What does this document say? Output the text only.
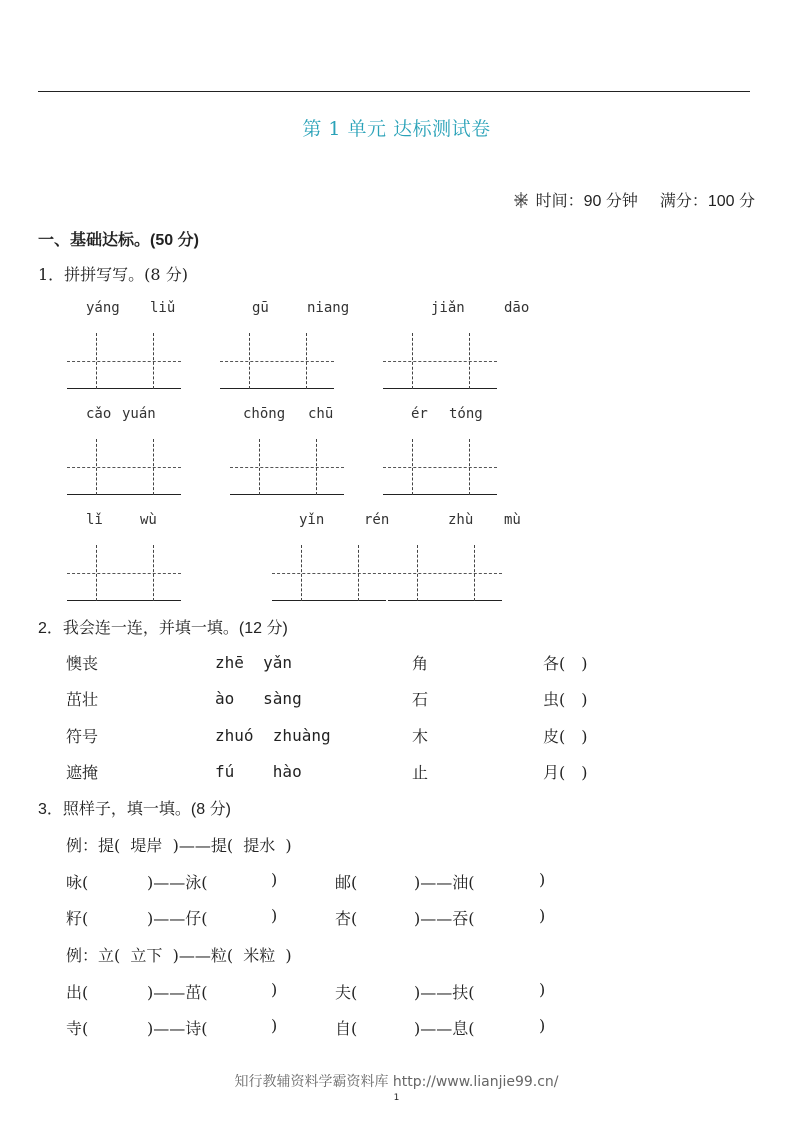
第 1 单元 达标测试卷
时间：90 分钟 满分：100 分
一、基础达标。(50 分)
1．拼拼写写。(8 分)
yáng liǔ	gū	niang	jiǎn	dāo
cǎo yuán	chōng chū	ér tóng
lǐ	wù	yǐn	rén	zhù mù
2．我会连一连，并填一填。(12 分)
懊丧	zhē  yǎn	角	各(　)
茁壮	ào   sàng	石	虫(　)
符号	zhuó  zhuàng	木	皮(　)
遮掩	fú    hào	止	月(　)
3．照样子，填一填。(8 分)
例：提(  堤岸  )——提(  提水  )
咏(	)——泳(	)	邮(	)——油(	)
籽(	)——仔(	)	杏(	)——吞(	)
例：立(  立下  )——粒(  米粒  )
出(	)——茁(	)	夫(	)——扶(	)
寺(	)——诗(	)	自(	)——息(	)
知行教辅资料学霸资料库 http://www.lianjie99.cn/
1
